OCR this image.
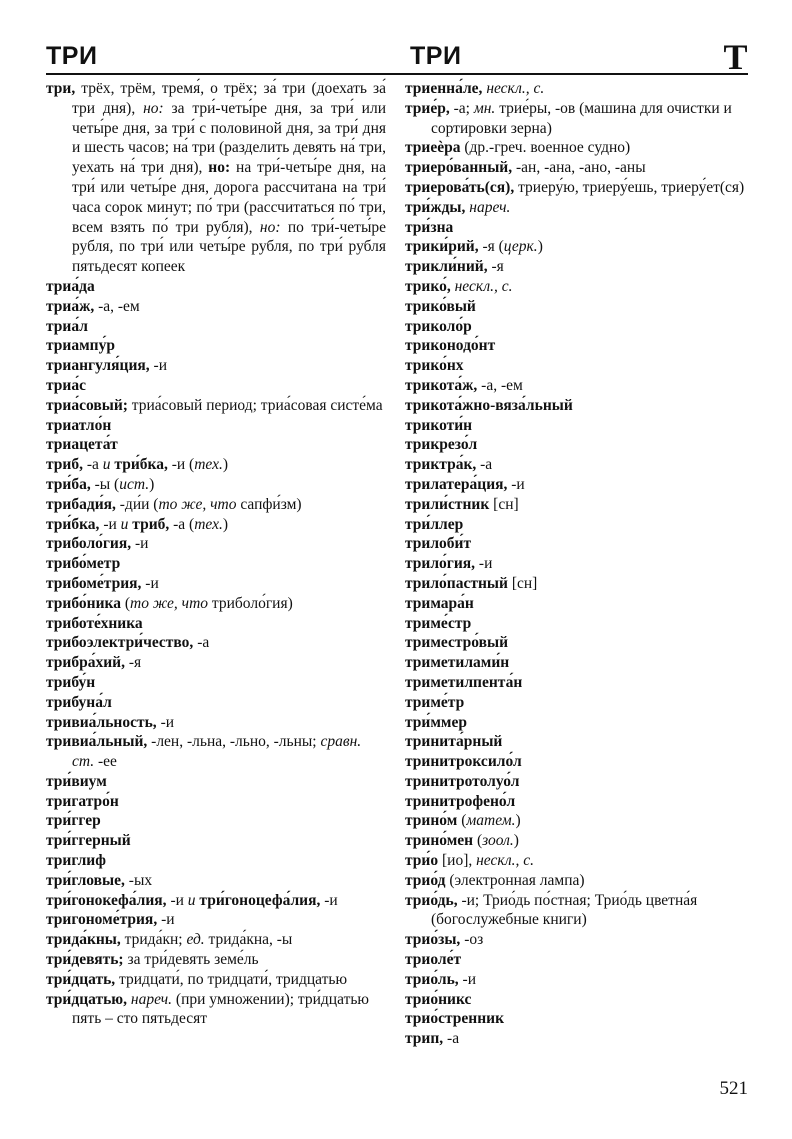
ТРИ	ТРИ	Т
три, трёх, трём, тремя́, о трёх; за́ три (доехать за́ три дня), но: за три́-четы́ре дня, за три́ или четы́ре дня, за три́ с половиной дня, за три́ дня и шесть часов; на́ три (разделить девять на́ три, уехать на́ три дня), но: на три́-четы́ре дня, на три́ или четы́ре дня, дорога рассчитана на три́ часа сорок минут; по́ три (рассчитаться по́ три, всем взять по́ три рубля), но: по три́-четы́ре рубля, по три́ или четы́ре рубля, по три́ рубля пятьдесят копеек
триа́да
триа́ж, -а, -ем
триа́л
триампу́р
триангуля́ция, -и
триа́с
триа́совый; триа́совый период; триа́совая систе́ма
триатло́н
триацета́т
триб, -а и три́бка, -и (тех.)
три́ба, -ы (ист.)
трибади́я, -ди́и (то же, что сапфи́зм)
три́бка, -и и триб, -а (тех.)
триболо́гия, -и
трибо́метр
трибоме́трия, -и
трибо́ника (то же, что триболо́гия)
триботе́хника
трибоэлектри́чество, -а
трибра́хий, -я
трибу́н
трибуна́л
тривиа́льность, -и
тривиа́льный, -лен, -льна, -льно, -льны; сравн. ст. -ее
три́виум
тригатро́н
три́ггер
три́ггерный
триглиф
три́гловые, -ых
три́гонокефа́лия, -и и три́гоноцефа́лия, -и
тригономе́трия, -и
трида́кны, трида́кн; ед. трида́кна, -ы
три́девять; за три́девять земе́ль
три́дцать, тридцати́, по тридцати́, тридцатью
три́дцатью, нареч. (при умножении); три́дцатью пять – сто пятьдесят
триенна́ле, нескл., с.
трие́р, -а; мн. трие́ры, -ов (машина для очистки и сортировки зерна)
триеѐра (др.-греч. военное судно)
триеро́ванный, -ан, -ана, -ано, -аны
триерова́ть(ся), триеру́ю, триеру́ешь, триеру́ет(ся)
три́жды, нареч.
три́зна
трики́рий, -я (церк.)
трикли́ний, -я
трико́, нескл., с.
трико́вый
триколо́р
триконодо́нт
трико́нх
трикота́ж, -а, -ем
трикота́жно-вяза́льный
трикоти́н
трикрезо́л
триктра́к, -а
трилатера́ция, -и
трили́стник [сн]
три́ллер
трилоби́т
трило́гия, -и
трило́пастный [сн]
тримара́н
триме́стр
триместро́вый
триметилами́н
триметилпента́н
триме́тр
три́ммер
тринита́рный
тринитроксило́л
тринитротолуо́л
тринитрофено́л
трино́м (матем.)
трино́мен (зоол.)
три́о [ио], нескл., с.
трио́д (электронная лампа)
трио́дь, -и; Трио́дь по́стная; Трио́дь цветна́я (богослужебные книги)
трио́зы, -оз
триоле́т
трио́ль, -и
трио́никс
трио́стренник
трип, -а
521
